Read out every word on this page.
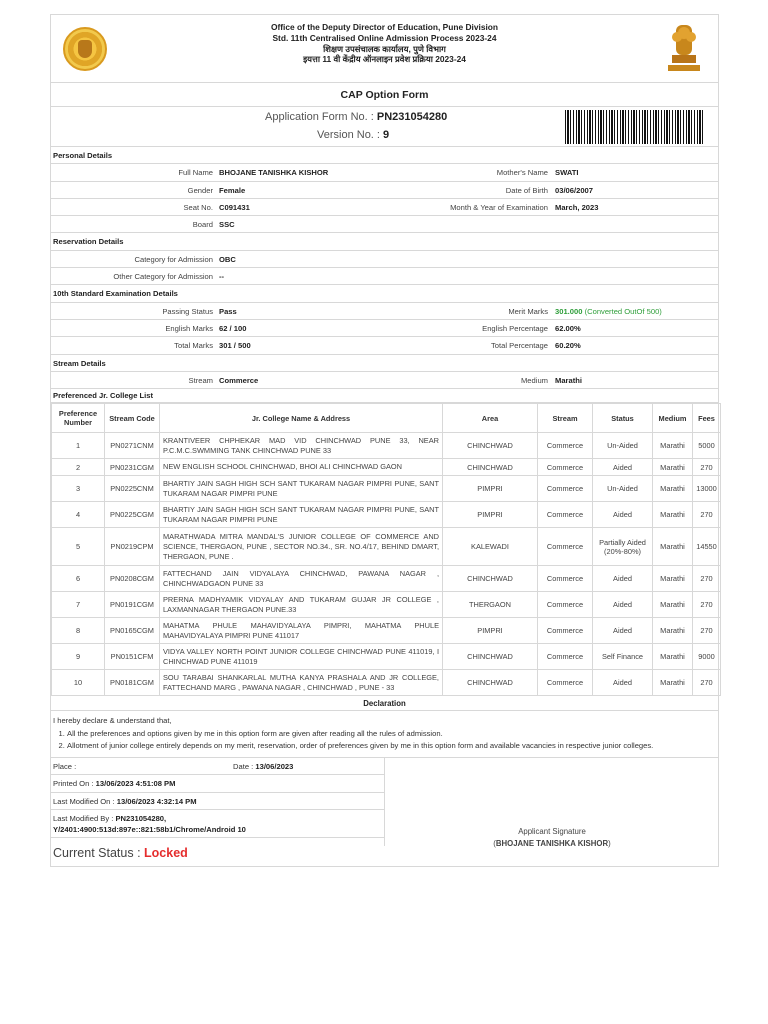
Office of the Deputy Director of Education, Pune Division
Std. 11th Centralised Online Admission Process 2023-24
शिक्षण उपसंचालक कार्यालय, पुणे विभाग
इयत्ता 11 वी केंद्रीय ऑनलाइन प्रवेश प्रक्रिया 2023-24
CAP Option Form
Application Form No. : PN231054280
Version No. : 9
Personal Details
Full Name BHOJANE TANISHKA KISHOR	Mother's Name SWATI
Gender Female	Date of Birth 03/06/2007
Seat No. C091431	Month & Year of Examination March, 2023
Board SSC
Reservation Details
Category for Admission OBC
Other Category for Admission --
10th Standard Examination Details
Passing Status Pass	Merit Marks 301.000 (Converted OutOf 500)
English Marks 62 / 100	English Percentage 62.00%
Total Marks 301 / 500	Total Percentage 60.20%
Stream Details
Stream Commerce	Medium Marathi
Preferenced Jr. College List
Preference Number	Stream Code	Jr. College Name & Address	Area	Stream	Status	Medium	Fees
1	PN0271CNM	KRANTIVEER CHPHEKAR MAD VID CHINCHWAD PUNE 33, NEAR P.C.M.C.SWMMING TANK CHINCHWAD PUNE 33	CHINCHWAD	Commerce	Un-Aided	Marathi	5000
2	PN0231CGM	NEW ENGLISH SCHOOL CHINCHWAD, BHOI ALI CHINCHWAD GAON	CHINCHWAD	Commerce	Aided	Marathi	270
3	PN0225CNM	BHARTIY JAIN SAGH HIGH SCH SANT TUKARAM NAGAR PIMPRI PUNE, SANT TUKARAM NAGAR PIMPRI PUNE	PIMPRI	Commerce	Un-Aided	Marathi	13000
4	PN0225CGM	BHARTIY JAIN SAGH HIGH SCH SANT TUKARAM NAGAR PIMPRI PUNE, SANT TUKARAM NAGAR PIMPRI PUNE	PIMPRI	Commerce	Aided	Marathi	270
5	PN0219CPM	MARATHWADA MITRA MANDAL'S JUNIOR COLLEGE OF COMMERCE AND SCIENCE, THERGAON, PUNE , SECTOR NO.34., SR. NO.4/17, BEHIND DMART, THERGAON, PUNE .	KALEWADI	Commerce	Partially Aided (20%-80%)	Marathi	14550
6	PN0208CGM	FATTECHAND JAIN VIDYALAYA CHINCHWAD, PAWANA NAGAR , CHINCHWADGAON PUNE 33	CHINCHWAD	Commerce	Aided	Marathi	270
7	PN0191CGM	PRERNA MADHYAMIK VIDYALAY AND TUKARAM GUJAR JR COLLEGE , LAXMANNAGAR THERGAON PUNE.33	THERGAON	Commerce	Aided	Marathi	270
8	PN0165CGM	MAHATMA PHULE MAHAVIDYALAYA PIMPRI, MAHATMA PHULE MAHAVIDYALAYA PIMPRI PUNE 411017	PIMPRI	Commerce	Aided	Marathi	270
9	PN0151CFM	VIDYA VALLEY NORTH POINT JUNIOR COLLEGE CHINCHWAD PUNE 411019, I CHINCHWAD PUNE 411019	CHINCHWAD	Commerce	Self Finance	Marathi	9000
10	PN0181CGM	SOU TARABAI SHANKARLAL MUTHA KANYA PRASHALA AND JR COLLEGE, FATTECHAND MARG , PAWANA NAGAR , CHINCHWAD , PUNE - 33	CHINCHWAD	Commerce	Aided	Marathi	270
Declaration
I hereby declare & understand that,
1. All the preferences and options given by me in this option form are given after reading all the rules of admission.
2. Allotment of junior college entirely depends on my merit, reservation, order of preferences given by me in this option form and available vacancies in respective junior colleges.
Place :	Date : 13/06/2023
Printed On : 13/06/2023 4:51:08 PM
Last Modified On : 13/06/2023 4:32:14 PM
Last Modified By : PN231054280,
Y/2401:4900:513d:897e::821:58b1/Chrome/Android 10	Applicant Signature
(BHOJANE TANISHKA KISHOR)
Current Status : Locked
